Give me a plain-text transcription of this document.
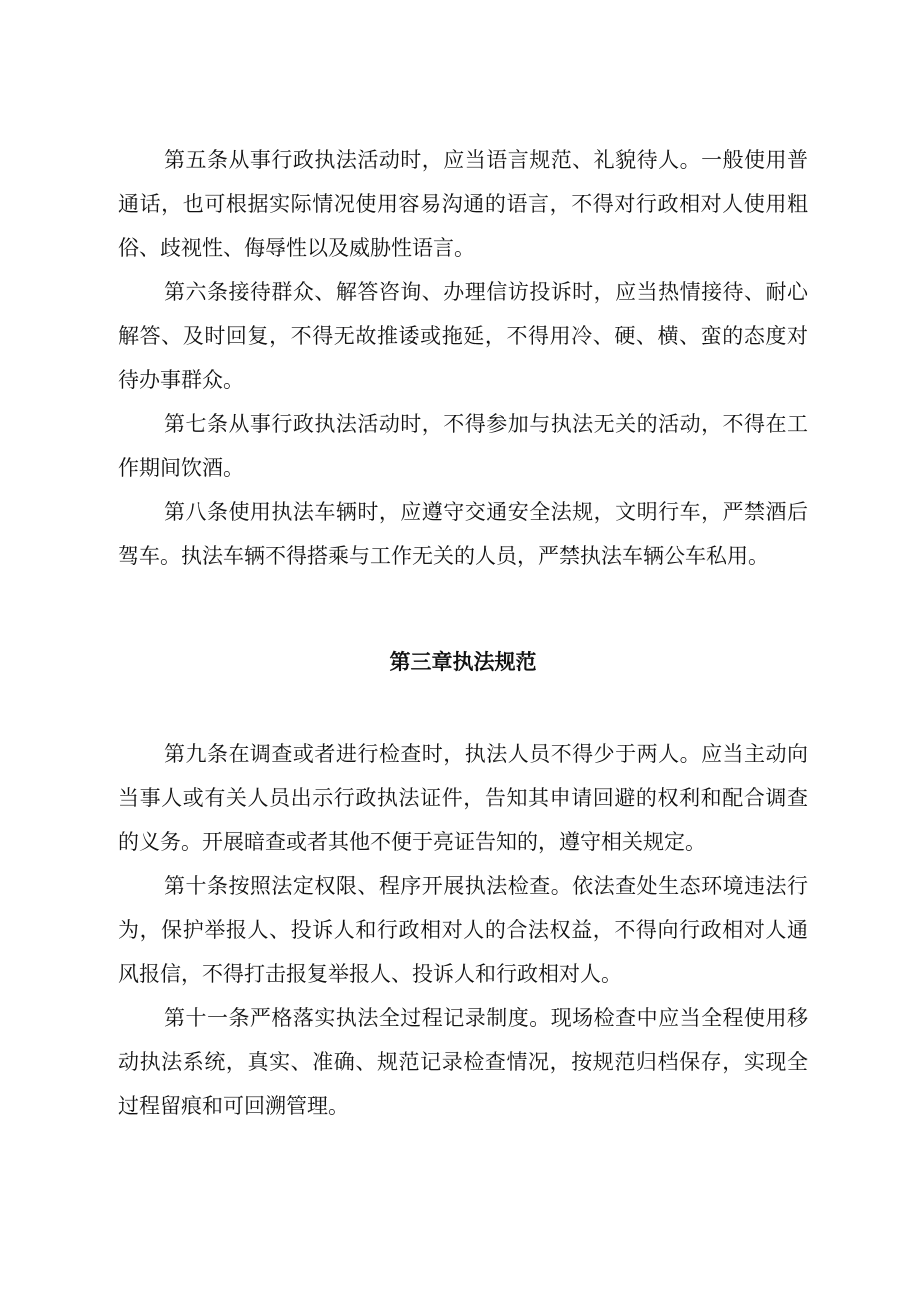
第五条从事行政执法活动时，应当语言规范、礼貌待人。一般使用普通话，也可根据实际情况使用容易沟通的语言，不得对行政相对人使用粗俗、歧视性、侮辱性以及威胁性语言。

第六条接待群众、解答咨询、办理信访投诉时，应当热情接待、耐心解答、及时回复，不得无故推诿或拖延，不得用冷、硬、横、蛮的态度对待办事群众。

第七条从事行政执法活动时，不得参加与执法无关的活动，不得在工作期间饮酒。

第八条使用执法车辆时，应遵守交通安全法规，文明行车，严禁酒后驾车。执法车辆不得搭乘与工作无关的人员，严禁执法车辆公车私用。

第三章执法规范

第九条在调查或者进行检查时，执法人员不得少于两人。应当主动向当事人或有关人员出示行政执法证件，告知其申请回避的权利和配合调查的义务。开展暗查或者其他不便于亮证告知的，遵守相关规定。

第十条按照法定权限、程序开展执法检查。依法查处生态环境违法行为，保护举报人、投诉人和行政相对人的合法权益，不得向行政相对人通风报信，不得打击报复举报人、投诉人和行政相对人。

第十一条严格落实执法全过程记录制度。现场检查中应当全程使用移动执法系统，真实、准确、规范记录检查情况，按规范归档保存，实现全过程留痕和可回溯管理。
